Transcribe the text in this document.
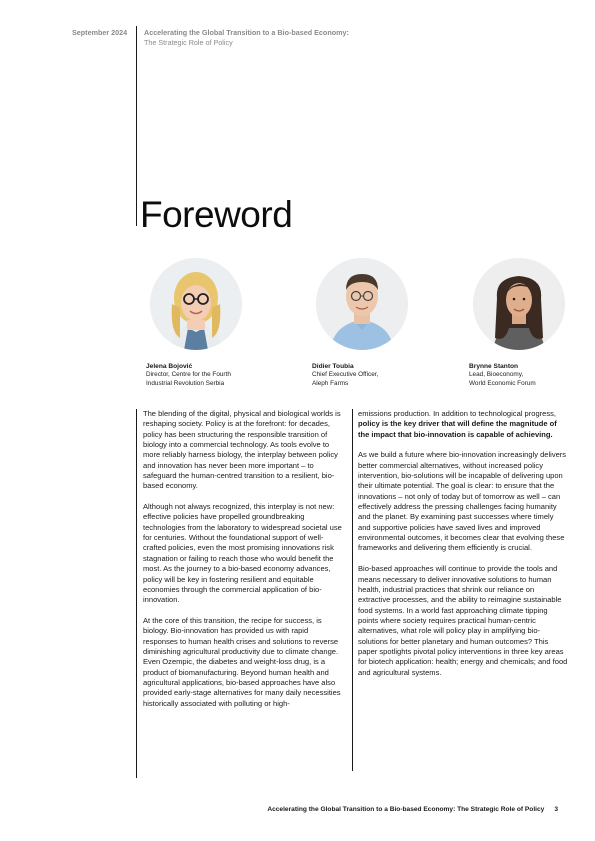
September 2024 Accelerating the Global Transition to a Bio-based Economy:
The Strategic Role of Policy
Foreword
Jelena Bojović
Director, Centre for the Fourth
Industrial Revolution Serbia
Didier Toubia
Chief Executive Officer,
Aleph Farms
Brynne Stanton
Lead, Bioeconomy,
World Economic Forum

The blending of the digital, physical and biological worlds is reshaping society. Policy is at the forefront: for decades, policy has been structuring the responsible transition of biology into a commercial technology. As tools evolve to more reliably harness biology, the interplay between policy and innovation has never been more important – to safeguard the human-centred transition to a resilient, bio-based economy.

Although not always recognized, this interplay is not new: effective policies have propelled groundbreaking technologies from the laboratory to widespread societal use for centuries. Without the foundational support of well-crafted policies, even the most promising innovations risk stagnation or failing to reach those who would benefit the most. As the journey to a bio-based economy advances, policy will be key in fostering resilient and equitable economies through the commercial application of bio-innovation.

At the core of this transition, the recipe for success, is biology. Bio-innovation has provided us with rapid responses to human health crises and solutions to reverse diminishing agricultural productivity due to climate change. Even Ozempic, the diabetes and weight-loss drug, is a product of biomanufacturing. Beyond human health and agricultural applications, bio-based approaches have also provided early-stage alternatives for many daily necessities historically associated with polluting or high-

emissions production. In addition to technological progress, policy is the key driver that will define the magnitude of the impact that bio-innovation is capable of achieving.

As we build a future where bio-innovation increasingly delivers better commercial alternatives, without increased policy intervention, bio-solutions will be incapable of delivering upon their ultimate potential. The goal is clear: to ensure that the innovations – not only of today but of tomorrow as well – can effectively address the pressing challenges facing humanity and the planet. By examining past successes where timely and supportive policies have saved lives and improved environmental outcomes, it becomes clear that evolving these frameworks and delivering them efficiently is crucial.

Bio-based approaches will continue to provide the tools and means necessary to deliver innovative solutions to human health, industrial practices that shrink our reliance on extractive processes, and the ability to reimagine sustainable food systems. In a world fast approaching climate tipping points where society requires practical human-centric alternatives, what role will policy play in amplifying bio-solutions for better planetary and human outcomes? This paper spotlights pivotal policy interventions in three key areas for biotech application: health; energy and chemicals; and food and agricultural systems.

Accelerating the Global Transition to a Bio-based Economy: The Strategic Role of Policy 3
